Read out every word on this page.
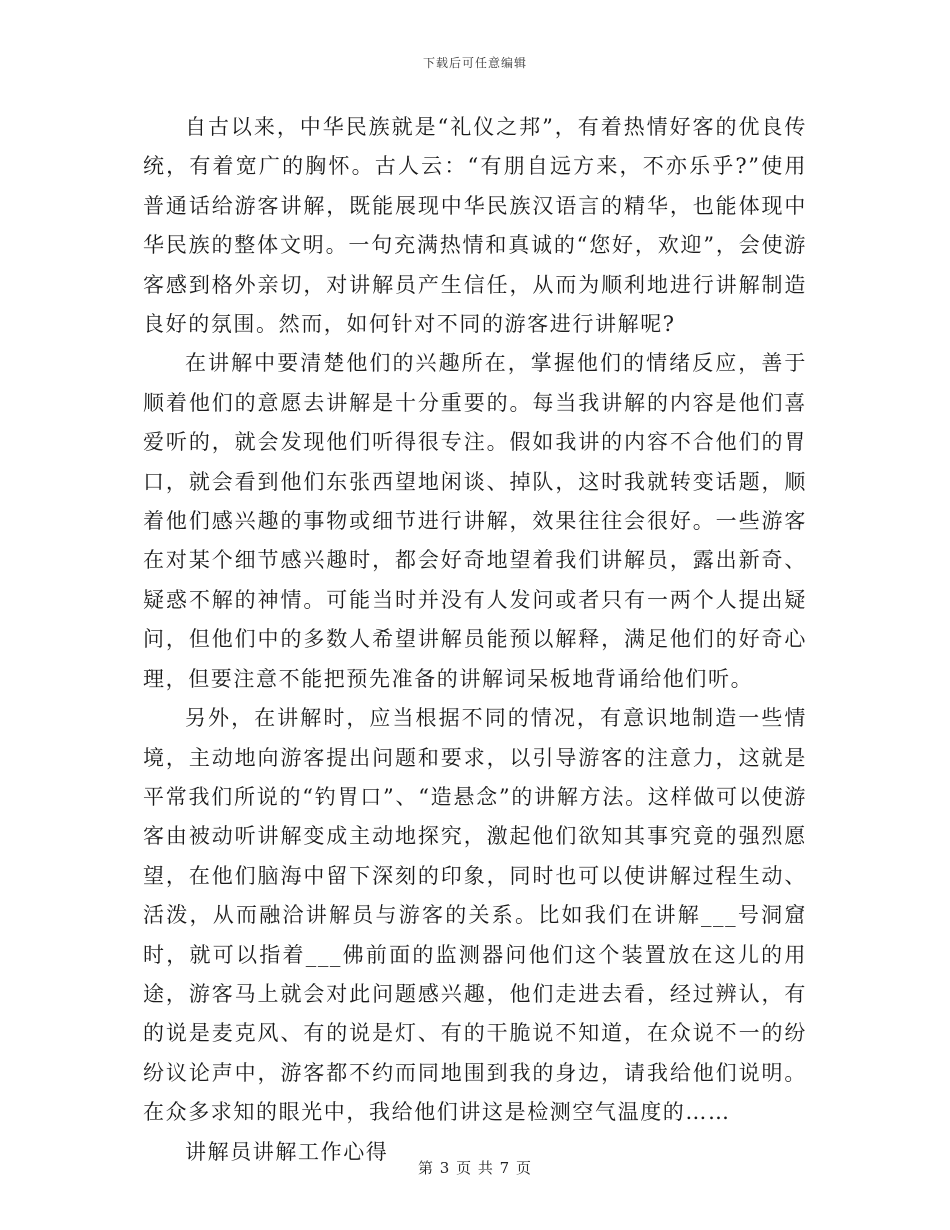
下载后可任意编辑

自古以来，中华民族就是“礼仪之邦”，有着热情好客的优良传统，有着宽广的胸怀。古人云：“有朋自远方来，不亦乐乎?”使用普通话给游客讲解，既能展现中华民族汉语言的精华，也能体现中华民族的整体文明。一句充满热情和真诚的“您好，欢迎”，会使游客感到格外亲切，对讲解员产生信任，从而为顺利地进行讲解制造良好的氛围。然而，如何针对不同的游客进行讲解呢?

在讲解中要清楚他们的兴趣所在，掌握他们的情绪反应，善于顺着他们的意愿去讲解是十分重要的。每当我讲解的内容是他们喜爱听的，就会发现他们听得很专注。假如我讲的内容不合他们的胃口，就会看到他们东张西望地闲谈、掉队，这时我就转变话题，顺着他们感兴趣的事物或细节进行讲解，效果往往会很好。一些游客在对某个细节感兴趣时，都会好奇地望着我们讲解员，露出新奇、疑惑不解的神情。可能当时并没有人发问或者只有一两个人提出疑问，但他们中的多数人希望讲解员能预以解释，满足他们的好奇心理，但要注意不能把预先准备的讲解词呆板地背诵给他们听。

另外，在讲解时，应当根据不同的情况，有意识地制造一些情境，主动地向游客提出问题和要求，以引导游客的注意力，这就是平常我们所说的“钓胃口”、“造悬念”的讲解方法。这样做可以使游客由被动听讲解变成主动地探究，激起他们欲知其事究竟的强烈愿望，在他们脑海中留下深刻的印象，同时也可以使讲解过程生动、活泼，从而融洽讲解员与游客的关系。比如我们在讲解___号洞窟时，就可以指着___佛前面的监测器问他们这个装置放在这儿的用途，游客马上就会对此问题感兴趣，他们走进去看，经过辨认，有的说是麦克风、有的说是灯、有的干脆说不知道，在众说不一的纷纷议论声中，游客都不约而同地围到我的身边，请我给他们说明。在众多求知的眼光中，我给他们讲这是检测空气温度的……

讲解员讲解工作心得

第 3 页 共 7 页
